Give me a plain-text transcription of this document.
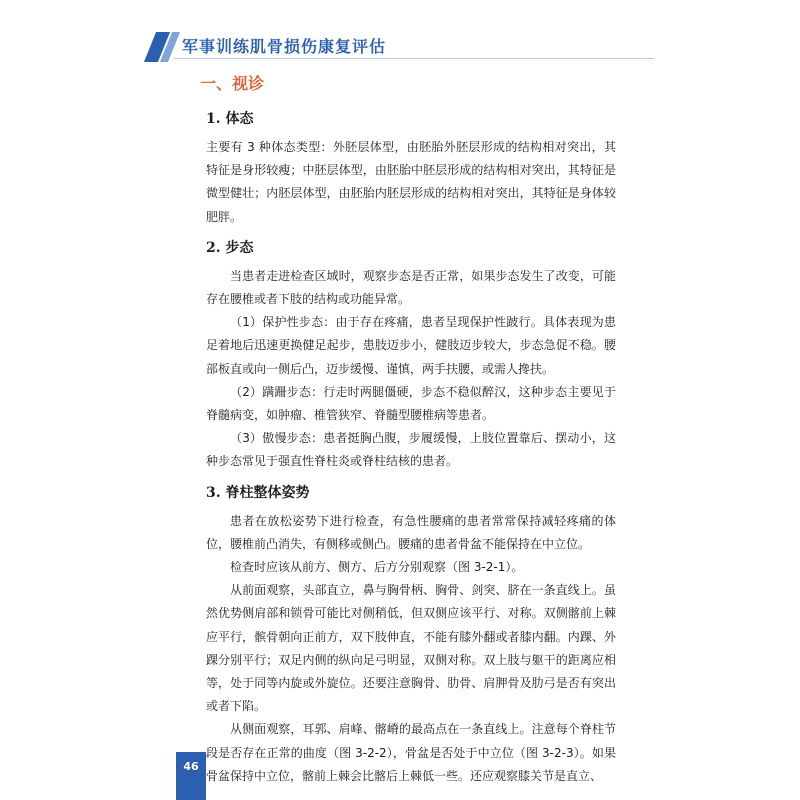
军事训练肌骨损伤康复评估
一、视诊
1. 体态

主要有 3 种体态类型：外胚层体型，由胚胎外胚层形成的结构相对突出，其特征是身形较瘦；中胚层体型，由胚胎中胚层形成的结构相对突出，其特征是微型健壮；内胚层体型，由胚胎内胚层形成的结构相对突出，其特征是身体较肥胖。

2. 步态

当患者走进检查区域时，观察步态是否正常，如果步态发生了改变，可能存在腰椎或者下肢的结构或功能异常。

（1）保护性步态：由于存在疼痛，患者呈现保护性跛行。具体表现为患足着地后迅速更换健足起步，患肢迈步小，健肢迈步较大，步态急促不稳。腰部板直或向一侧后凸，迈步缓慢、谨慎，两手扶腰，或需人搀扶。

（2）蹒跚步态：行走时两腿僵硬，步态不稳似醉汉，这种步态主要见于脊髓病变，如肿瘤、椎管狭窄、脊髓型腰椎病等患者。

（3）傲慢步态：患者挺胸凸腹，步履缓慢，上肢位置靠后、摆动小，这种步态常见于强直性脊柱炎或脊柱结核的患者。

3. 脊柱整体姿势

患者在放松姿势下进行检查，有急性腰痛的患者常常保持减轻疼痛的体位，腰椎前凸消失，有侧移或侧凸。腰痛的患者骨盆不能保持在中立位。

检查时应该从前方、侧方、后方分别观察（图 3-2-1）。

从前面观察，头部直立，鼻与胸骨柄、胸骨、剑突、脐在一条直线上。虽然优势侧肩部和锁骨可能比对侧稍低，但双侧应该平行、对称。双侧髂前上棘应平行，髌骨朝向正前方，双下肢伸直，不能有膝外翻或者膝内翻。内踝、外踝分别平行；双足内侧的纵向足弓明显，双侧对称。双上肢与躯干的距离应相等，处于同等内旋或外旋位。还要注意胸骨、肋骨、肩胛骨及肋弓是否有突出或者下陷。

从侧面观察，耳郭、肩峰、髂嵴的最高点在一条直线上。注意每个脊柱节段是否存在正常的曲度（图 3-2-2），骨盆是否处于中立位（图 3-2-3）。如果骨盆保持中立位，髂前上棘会比髂后上棘低一些。还应观察膝关节是直立、

46
